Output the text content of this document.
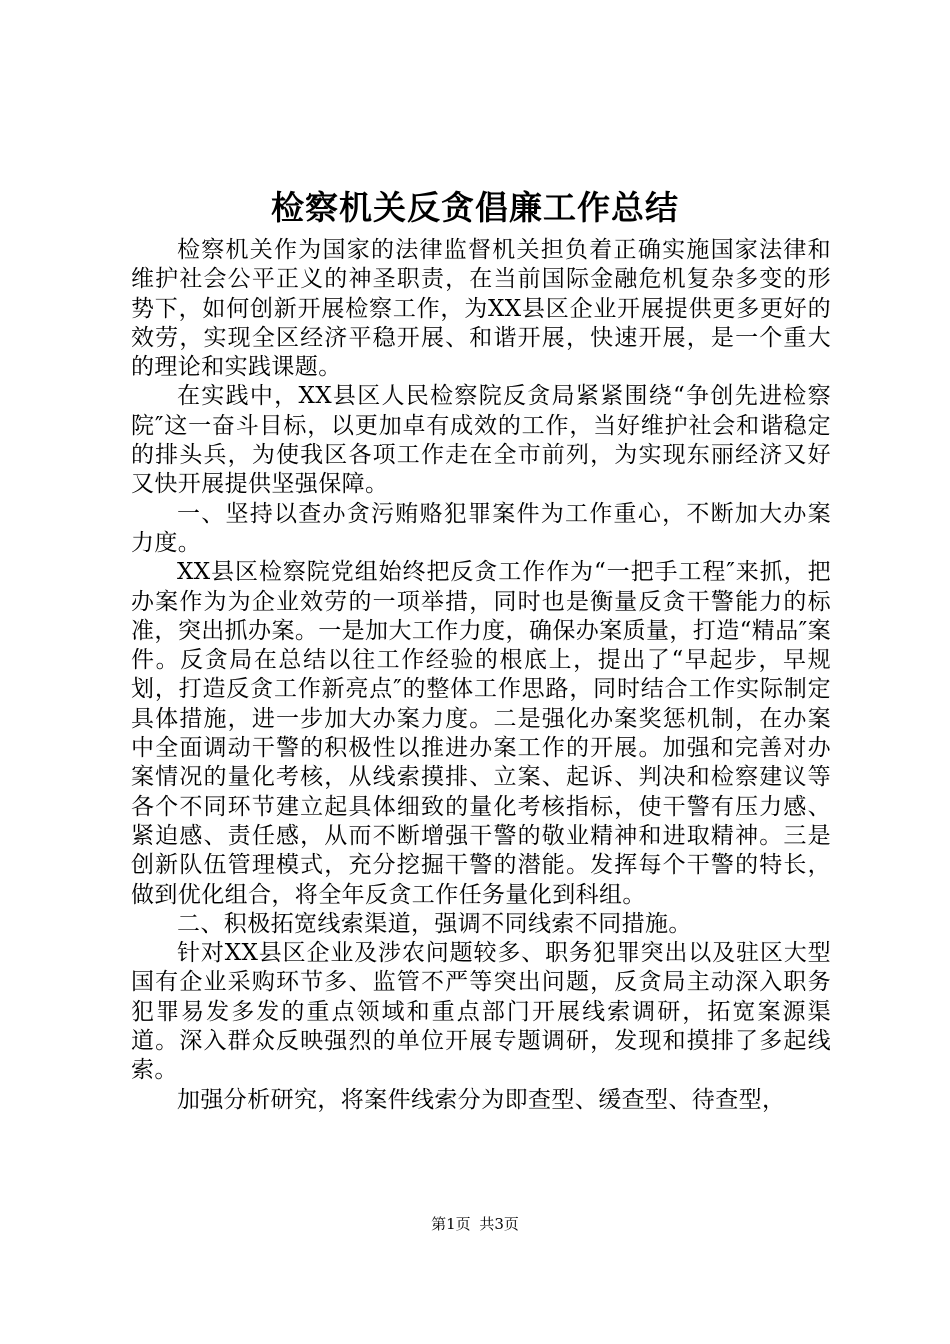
检察机关反贪倡廉工作总结

检察机关作为国家的法律监督机关担负着正确实施国家法律和维护社会公平正义的神圣职责，在当前国际金融危机复杂多变的形势下，如何创新开展检察工作，为XX县区企业开展提供更多更好的效劳，实现全区经济平稳开展、和谐开展，快速开展，是一个重大的理论和实践课题。

在实践中，XX县区人民检察院反贪局紧紧围绕“争创先进检察院″这一奋斗目标，以更加卓有成效的工作，当好维护社会和谐稳定的排头兵，为使我区各项工作走在全市前列，为实现东丽经济又好又快开展提供坚强保障。

一、坚持以查办贪污贿赂犯罪案件为工作重心，不断加大办案力度。

XX县区检察院党组始终把反贪工作作为“一把手工程″来抓，把办案作为为企业效劳的一项举措，同时也是衡量反贪干警能力的标准，突出抓办案。一是加大工作力度，确保办案质量，打造“精品″案件。反贪局在总结以往工作经验的根底上，提出了“早起步，早规划，打造反贪工作新亮点″的整体工作思路，同时结合工作实际制定具体措施，进一步加大办案力度。二是强化办案奖惩机制，在办案中全面调动干警的积极性以推进办案工作的开展。加强和完善对办案情况的量化考核，从线索摸排、立案、起诉、判决和检察建议等各个不同环节建立起具体细致的量化考核指标，使干警有压力感、紧迫感、责任感，从而不断增强干警的敬业精神和进取精神。三是创新队伍管理模式，充分挖掘干警的潜能。发挥每个干警的特长，做到优化组合，将全年反贪工作任务量化到科组。

二、积极拓宽线索渠道，强调不同线索不同措施。

针对XX县区企业及涉农问题较多、职务犯罪突出以及驻区大型国有企业采购环节多、监管不严等突出问题，反贪局主动深入职务犯罪易发多发的重点领域和重点部门开展线索调研，拓宽案源渠道。深入群众反映强烈的单位开展专题调研，发现和摸排了多起线索。

加强分析研究，将案件线索分为即查型、缓查型、待查型，

第1页 共3页
